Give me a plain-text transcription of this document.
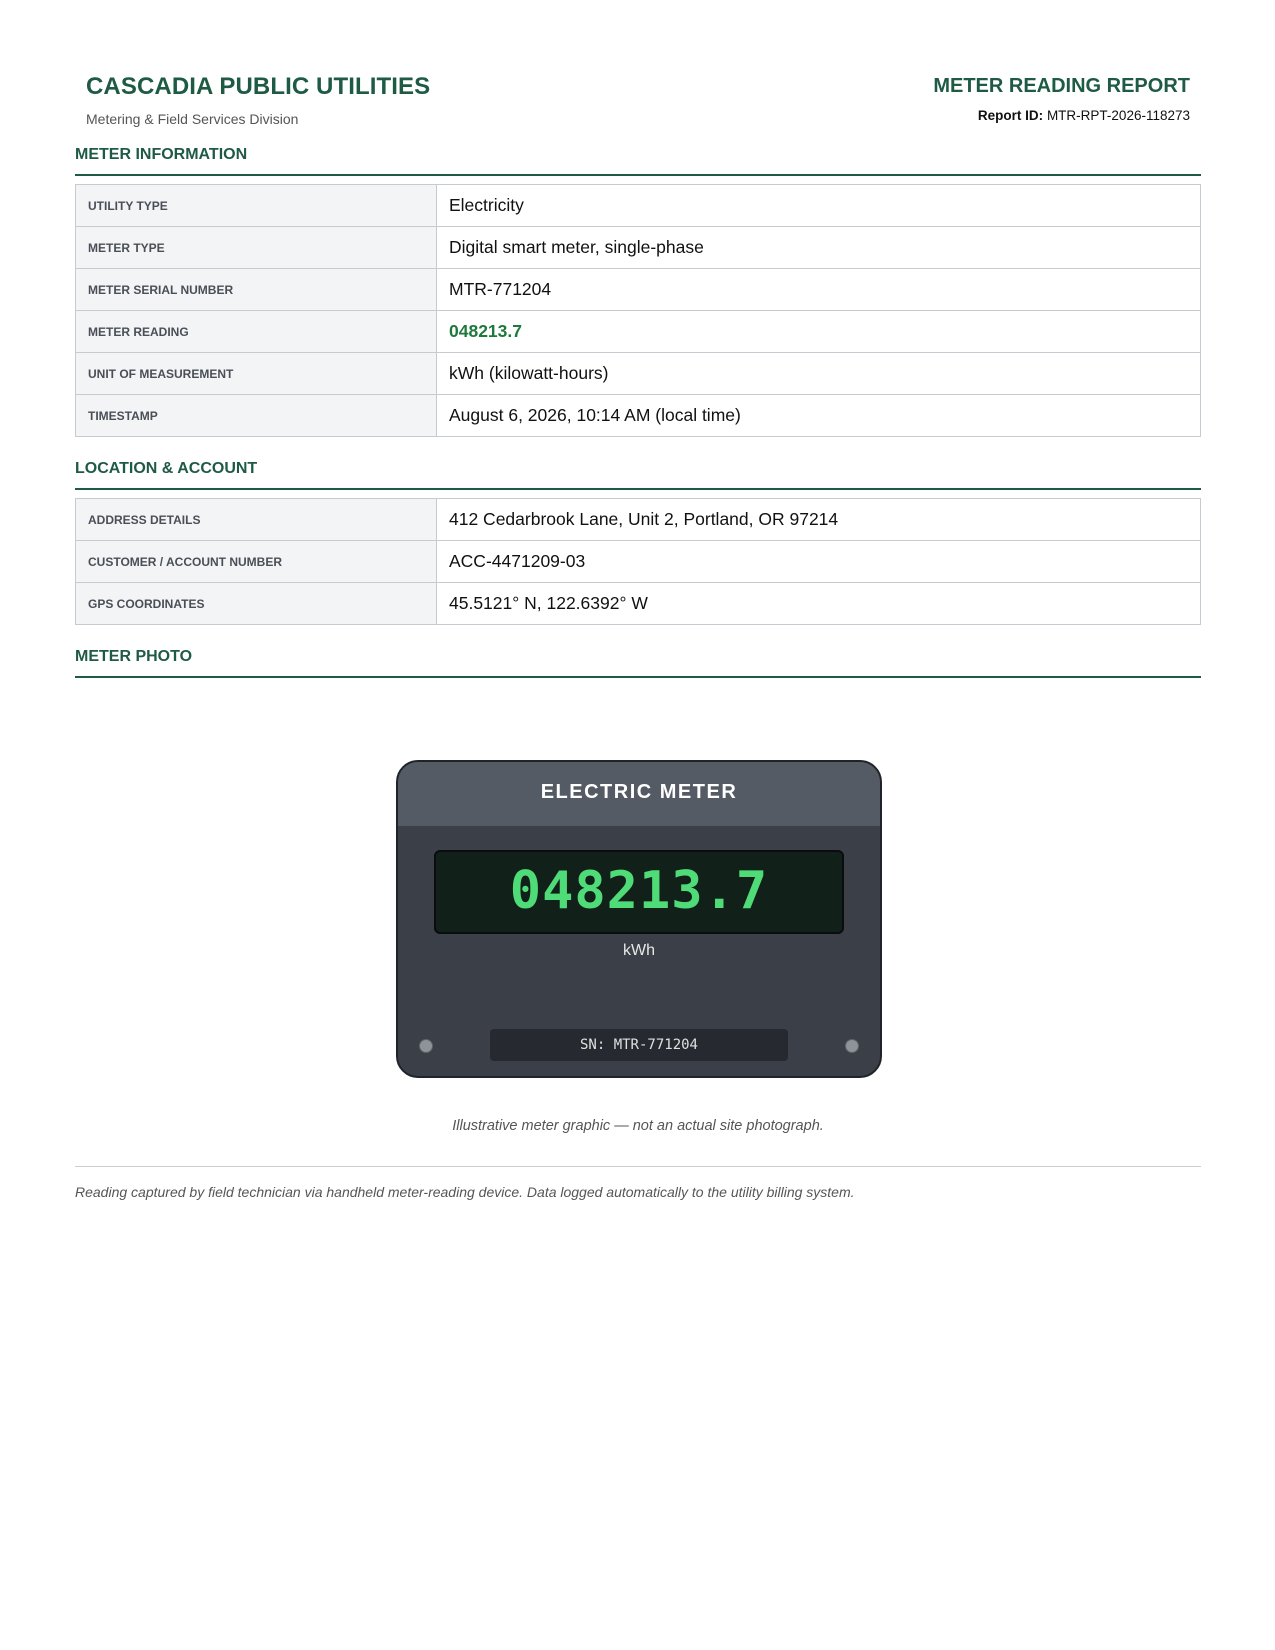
CASCADIA PUBLIC UTILITIES
Metering & Field Services Division
METER READING REPORT
Report ID: MTR-RPT-2026-118273
METER INFORMATION
UTILITY TYPE	Electricity
METER TYPE	Digital smart meter, single-phase
METER SERIAL NUMBER	MTR-771204
METER READING	048213.7
UNIT OF MEASUREMENT	kWh (kilowatt-hours)
TIMESTAMP	August 6, 2026, 10:14 AM (local time)
LOCATION & ACCOUNT
ADDRESS DETAILS	412 Cedarbrook Lane, Unit 2, Portland, OR 97214
CUSTOMER / ACCOUNT NUMBER	ACC-4471209-03
GPS COORDINATES	45.5121° N, 122.6392° W
METER PHOTO
ELECTRIC METER
048213.7
kWh
SN: MTR-771204
Illustrative meter graphic — not an actual site photograph.
Reading captured by field technician via handheld meter-reading device. Data logged automatically to the utility billing system.
